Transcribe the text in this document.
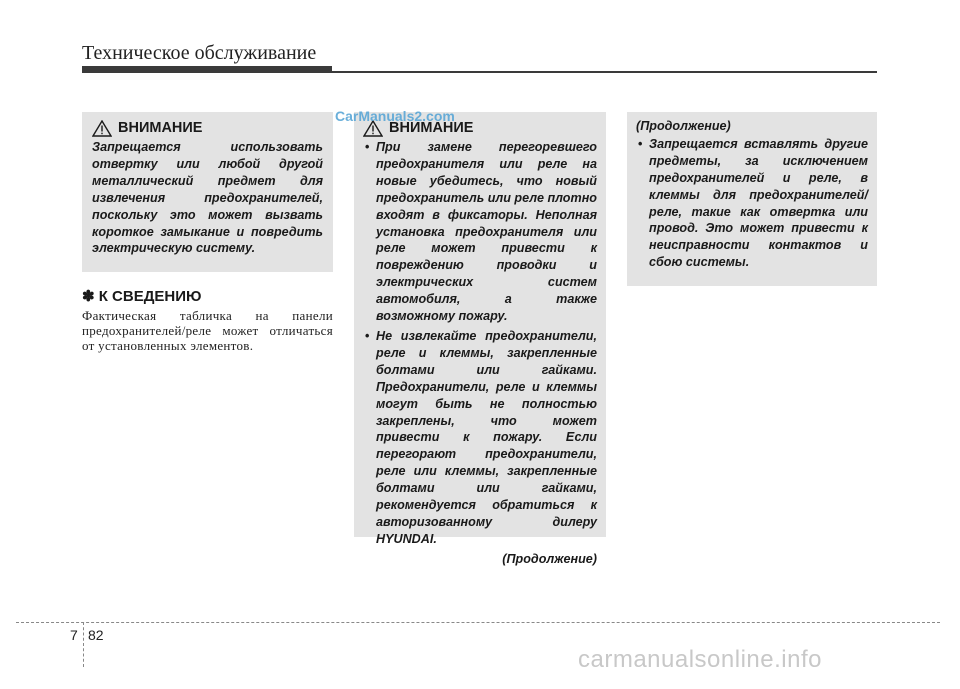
Техническое обслуживание
ВНИМАНИЕ
Запрещается использовать отвертку или любой другой металлический предмет для извлечения предохранителей, поскольку это может вызвать короткое замыкание и повредить электрическую систему.
✽ К СВЕДЕНИЮ
Фактическая табличка на панели предохранителей/реле может отличаться от установленных элементов.
ВНИМАНИЕ
• При замене перегоревшего предохранителя или реле на новые убедитесь, что новый предохранитель или реле плотно входят в фиксаторы. Неполная установка предохранителя или реле может привести к повреждению проводки и электрических систем автомобиля, а также возможному пожару.
• Не извлекайте предохранители, реле и клеммы, закрепленные болтами или гайками. Предохранители, реле и клеммы могут быть не полностью закреплены, что может привести к пожару. Если перегорают предохранители, реле или клеммы, закрепленные болтами или гайками, рекомендуется обратиться к авторизованному дилеру HYUNDAI.
(Продолжение)
(Продолжение)
• Запрещается вставлять другие предметы, за исключением предохранителей и реле, в клеммы для предохранителей/реле, такие как отвертка или провод. Это может привести к неисправности контактов и сбою системы.
CarManuals2.com
7 82
carmanualsonline.info
